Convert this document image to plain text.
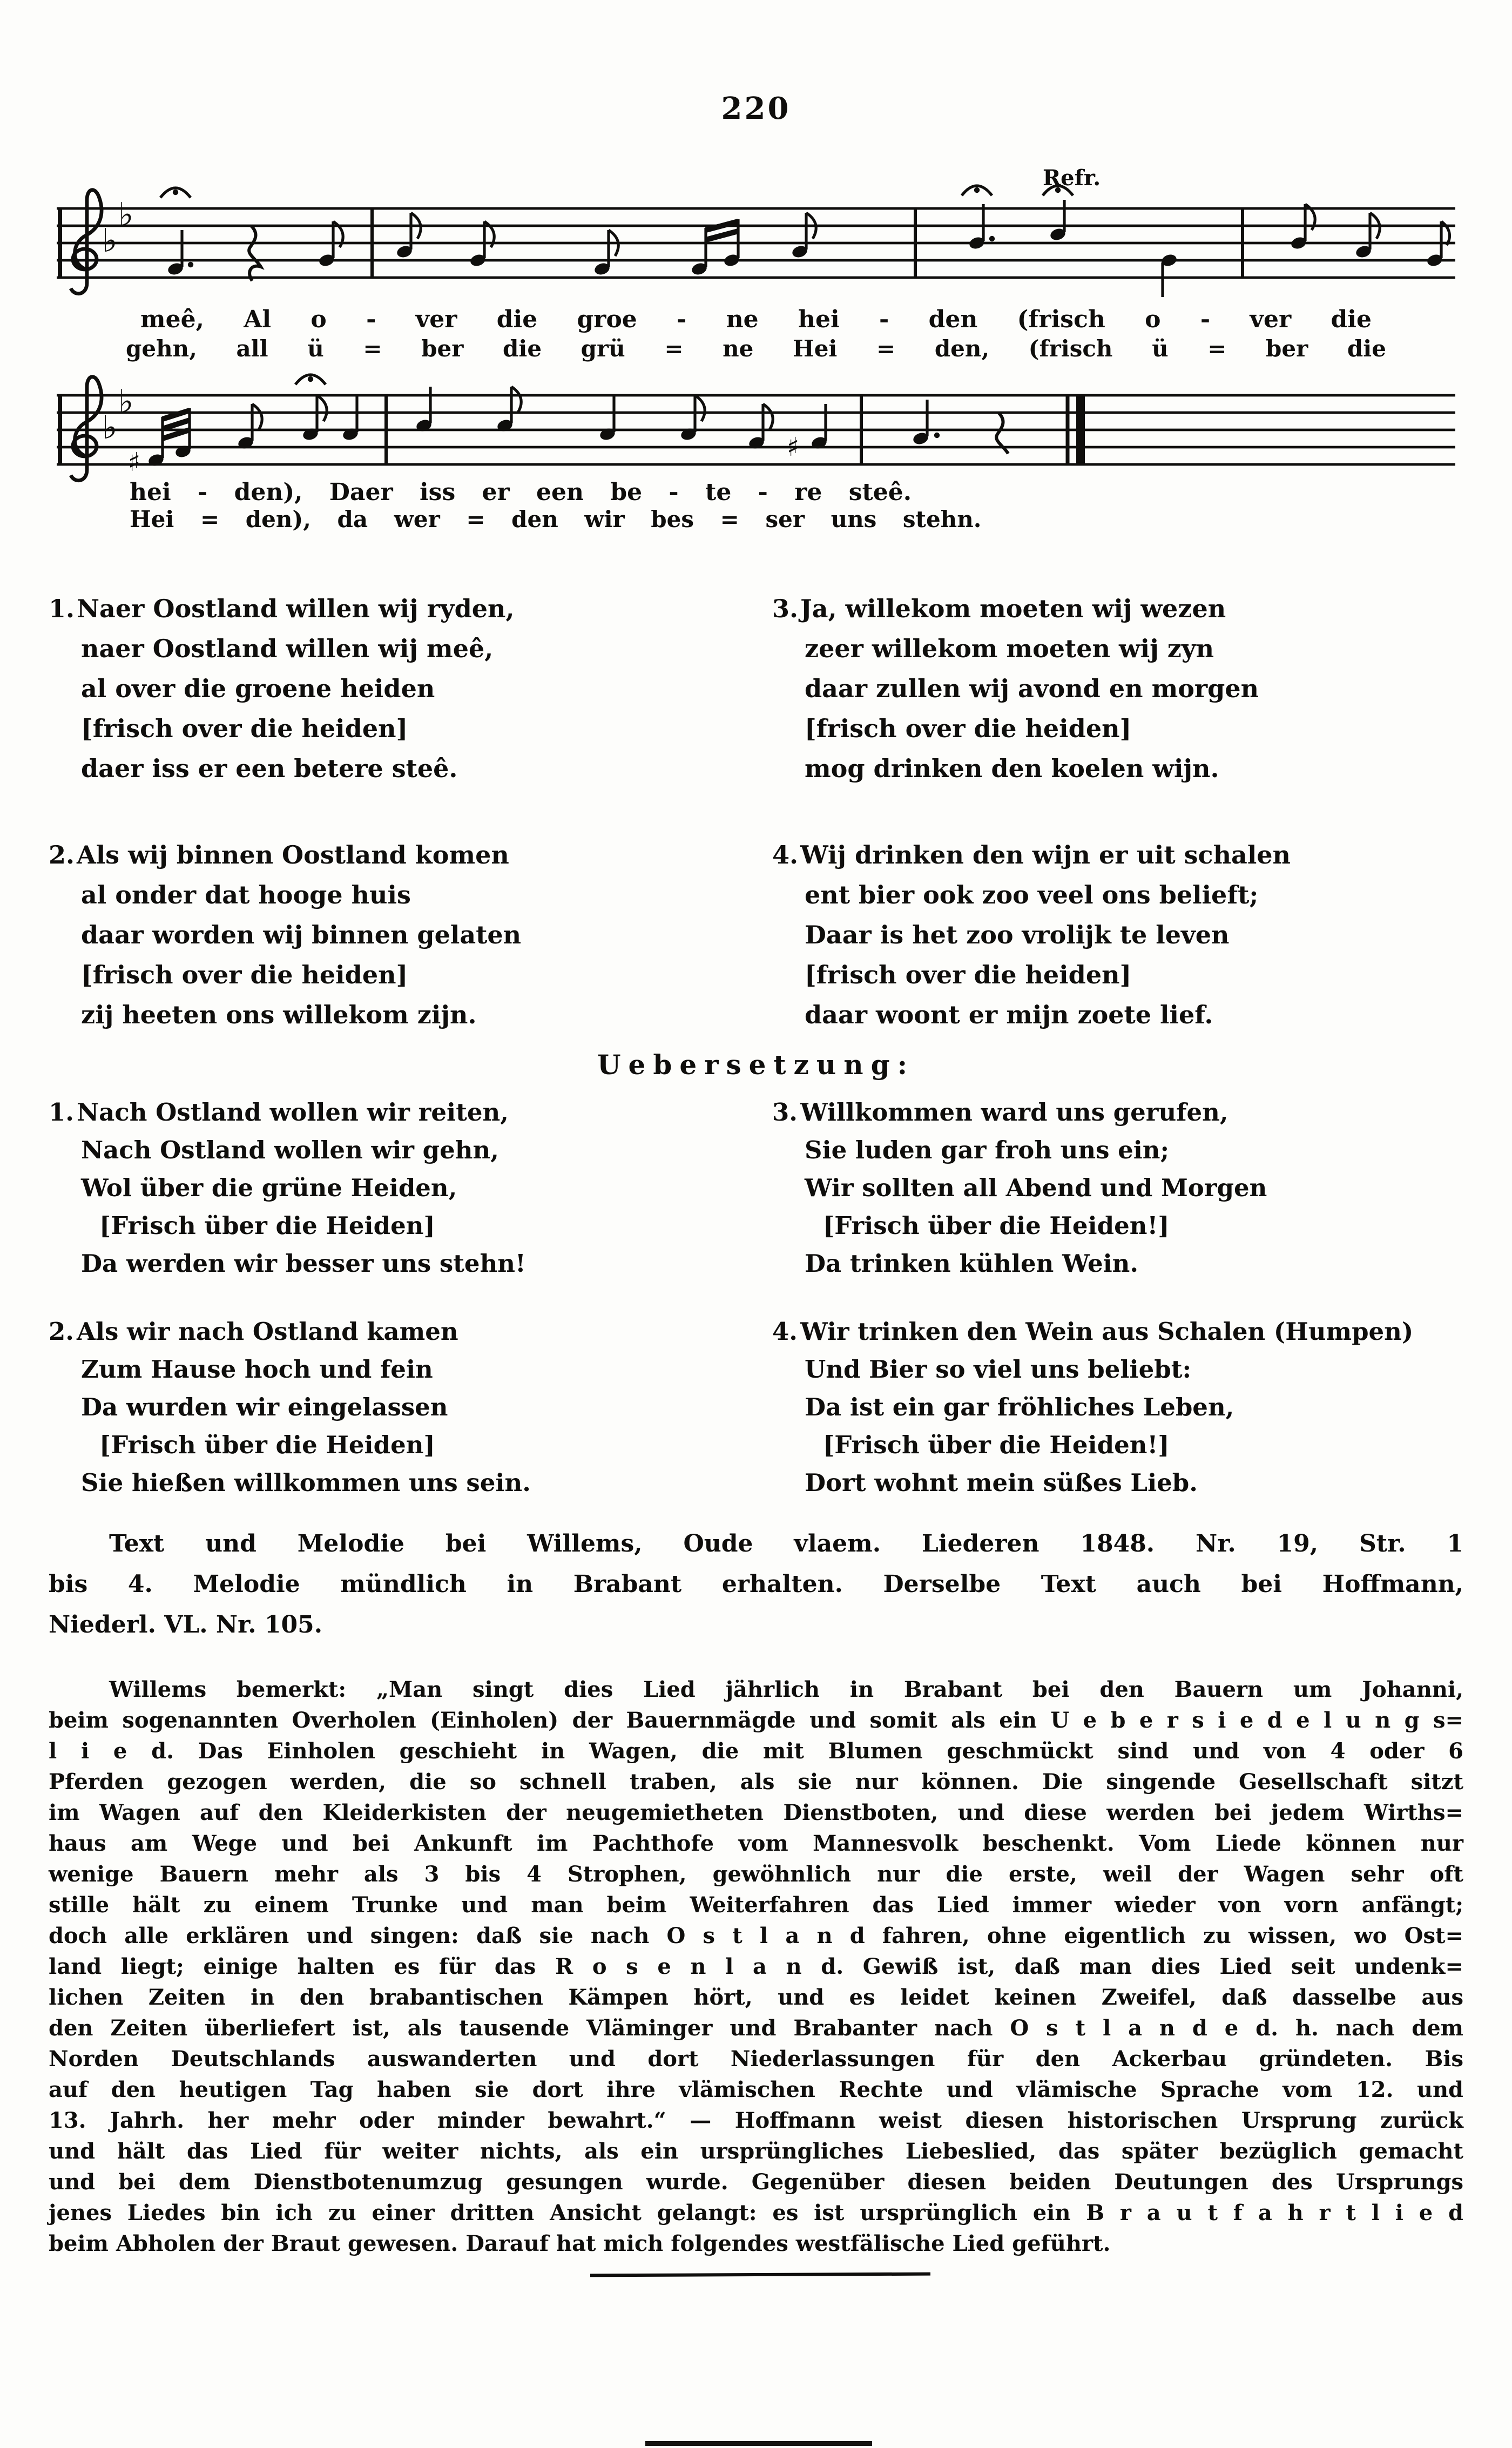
220
Refr.
♭
♭
meê, Al o - ver die groe - ne hei - den (frisch o - ver die
gehn, all ü = ber die grü = ne Hei = den, (frisch ü = ber die
♭
♭
♯	♯
hei - den), Daer iss er een be - te - re steê.
Hei = den), da wer = den wir bes = ser uns stehn.
1.Naer Oostland willen wij ryden,
naer Oostland willen wij meê,
al over die groene heiden
[frisch over die heiden]
daer iss er een betere steê.
2.Als wij binnen Oostland komen
al onder dat hooge huis
daar worden wij binnen gelaten
[frisch over die heiden]
zij heeten ons willekom zijn.
3.Ja, willekom moeten wij wezen
zeer willekom moeten wij zyn
daar zullen wij avond en morgen
[frisch over die heiden]
mog drinken den koelen wijn.
4.Wij drinken den wijn er uit schalen
ent bier ook zoo veel ons belieft;
Daar is het zoo vrolijk te leven
[frisch over die heiden]
daar woont er mijn zoete lief.
Uebersetzung:
1. Nach Ostland wollen wir reiten,
Nach Ostland wollen wir gehn,
Wol über die grüne Heiden,
[Frisch über die Heiden]
Da werden wir besser uns stehn!
2. Als wir nach Ostland kamen
Zum Hause hoch und fein
Da wurden wir eingelassen
[Frisch über die Heiden]
Sie hießen willkommen uns sein.
3. Willkommen ward uns gerufen,
Sie luden gar froh uns ein;
Wir sollten all Abend und Morgen
[Frisch über die Heiden!]
Da trinken kühlen Wein.
4. Wir trinken den Wein aus Schalen (Humpen)
Und Bier so viel uns beliebt:
Da ist ein gar fröhliches Leben,
[Frisch über die Heiden!]
Dort wohnt mein süßes Lieb.
Text und Melodie bei Willems, Oude vlaem. Liederen 1848. Nr. 19, Str. 1
bis 4. Melodie mündlich in Brabant erhalten. Derselbe Text auch bei Hoffmann,
Niederl. VL. Nr. 105.
Willems bemerkt: „Man singt dies Lied jährlich in Brabant bei den Bauern um Johanni,
beim sogenannten Overholen (Einholen) der Bauernmägde und somit als ein U e b e r s i e d e l u n g s=
l i e d. Das Einholen geschieht in Wagen, die mit Blumen geschmückt sind und von 4 oder 6
Pferden gezogen werden, die so schnell traben, als sie nur können. Die singende Gesellschaft sitzt
im Wagen auf den Kleiderkisten der neugemietheten Dienstboten, und diese werden bei jedem Wirths=
haus am Wege und bei Ankunft im Pachthofe vom Mannesvolk beschenkt. Vom Liede können nur
wenige Bauern mehr als 3 bis 4 Strophen, gewöhnlich nur die erste, weil der Wagen sehr oft
stille hält zu einem Trunke und man beim Weiterfahren das Lied immer wieder von vorn anfängt;
doch alle erklären und singen: daß sie nach O s t l a n d fahren, ohne eigentlich zu wissen, wo Ost=
land liegt; einige halten es für das R o s e n l a n d. Gewiß ist, daß man dies Lied seit undenk=
lichen Zeiten in den brabantischen Kämpen hört, und es leidet keinen Zweifel, daß dasselbe aus
den Zeiten überliefert ist, als tausende Vläminger und Brabanter nach O s t l a n d e d. h. nach dem
Norden Deutschlands auswanderten und dort Niederlassungen für den Ackerbau gründeten. Bis
auf den heutigen Tag haben sie dort ihre vlämischen Rechte und vlämische Sprache vom 12. und
13. Jahrh. her mehr oder minder bewahrt.“ — Hoffmann weist diesen historischen Ursprung zurück
und hält das Lied für weiter nichts, als ein ursprüngliches Liebeslied, das später bezüglich gemacht
und bei dem Dienstbotenumzug gesungen wurde. Gegenüber diesen beiden Deutungen des Ursprungs
jenes Liedes bin ich zu einer dritten Ansicht gelangt: es ist ursprünglich ein B r a u t f a h r t l i e d
beim Abholen der Braut gewesen. Darauf hat mich folgendes westfälische Lied geführt.
